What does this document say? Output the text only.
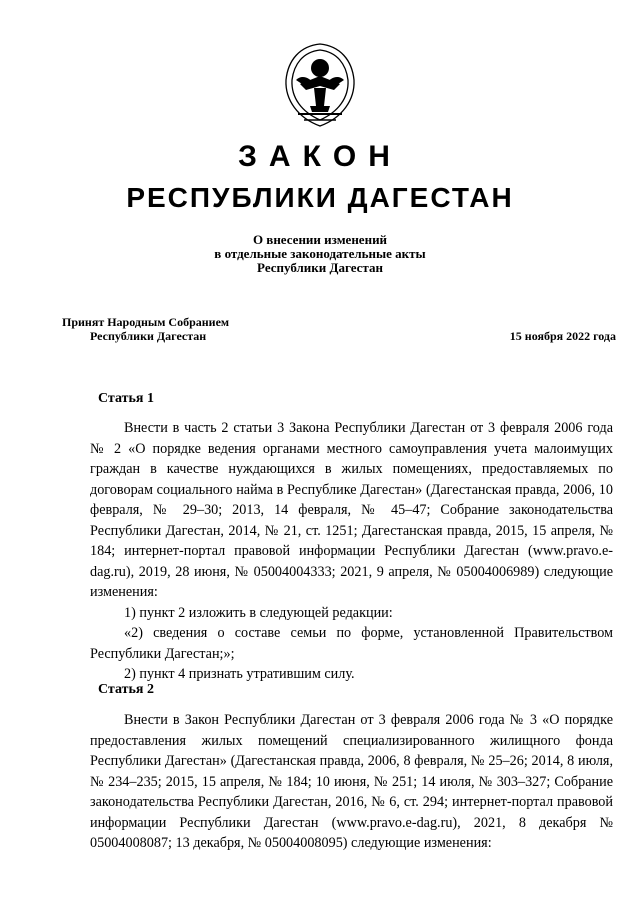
ЗАКОН
РЕСПУБЛИКИ ДАГЕСТАН
О внесении изменений
в отдельные законодательные акты
Республики Дагестан
Принят Народным Собранием
Республики Дагестан	15 ноября 2022 года
Статья 1

Внести в часть 2 статьи 3 Закона Республики Дагестан от 3 февраля 2006 года № 2 «О порядке ведения органами местного самоуправления учета малоимущих граждан в качестве нуждающихся в жилых помещениях, предоставляемых по договорам социального найма в Республике Дагестан» (Дагестанская правда, 2006, 10 февраля, № 29–30; 2013, 14 февраля, № 45–47; Собрание законодательства Республики Дагестан, 2014, № 21, ст. 1251; Дагестанская правда, 2015, 15 апреля, № 184; интернет-портал правовой информации Республики Дагестан (www.pravo.e-dag.ru), 2019, 28 июня, № 05004004333; 2021, 9 апреля, № 05004006989) следующие изменения:

1) пункт 2 изложить в следующей редакции:

«2) сведения о составе семьи по форме, установленной Правительством Республики Дагестан;»;

2) пункт 4 признать утратившим силу.

Статья 2

Внести в Закон Республики Дагестан от 3 февраля 2006 года № 3 «О порядке предоставления жилых помещений специализированного жилищного фонда Республики Дагестан» (Дагестанская правда, 2006, 8 февраля, № 25–26; 2014, 8 июля, № 234–235; 2015, 15 апреля, № 184; 10 июня, № 251; 14 июля, № 303–327; Собрание законодательства Республики Дагестан, 2016, № 6, ст. 294; интернет-портал правовой информации Республики Дагестан (www.pravo.e-dag.ru), 2021, 8 декабря № 05004008087; 13 декабря, № 05004008095) следующие изменения:
